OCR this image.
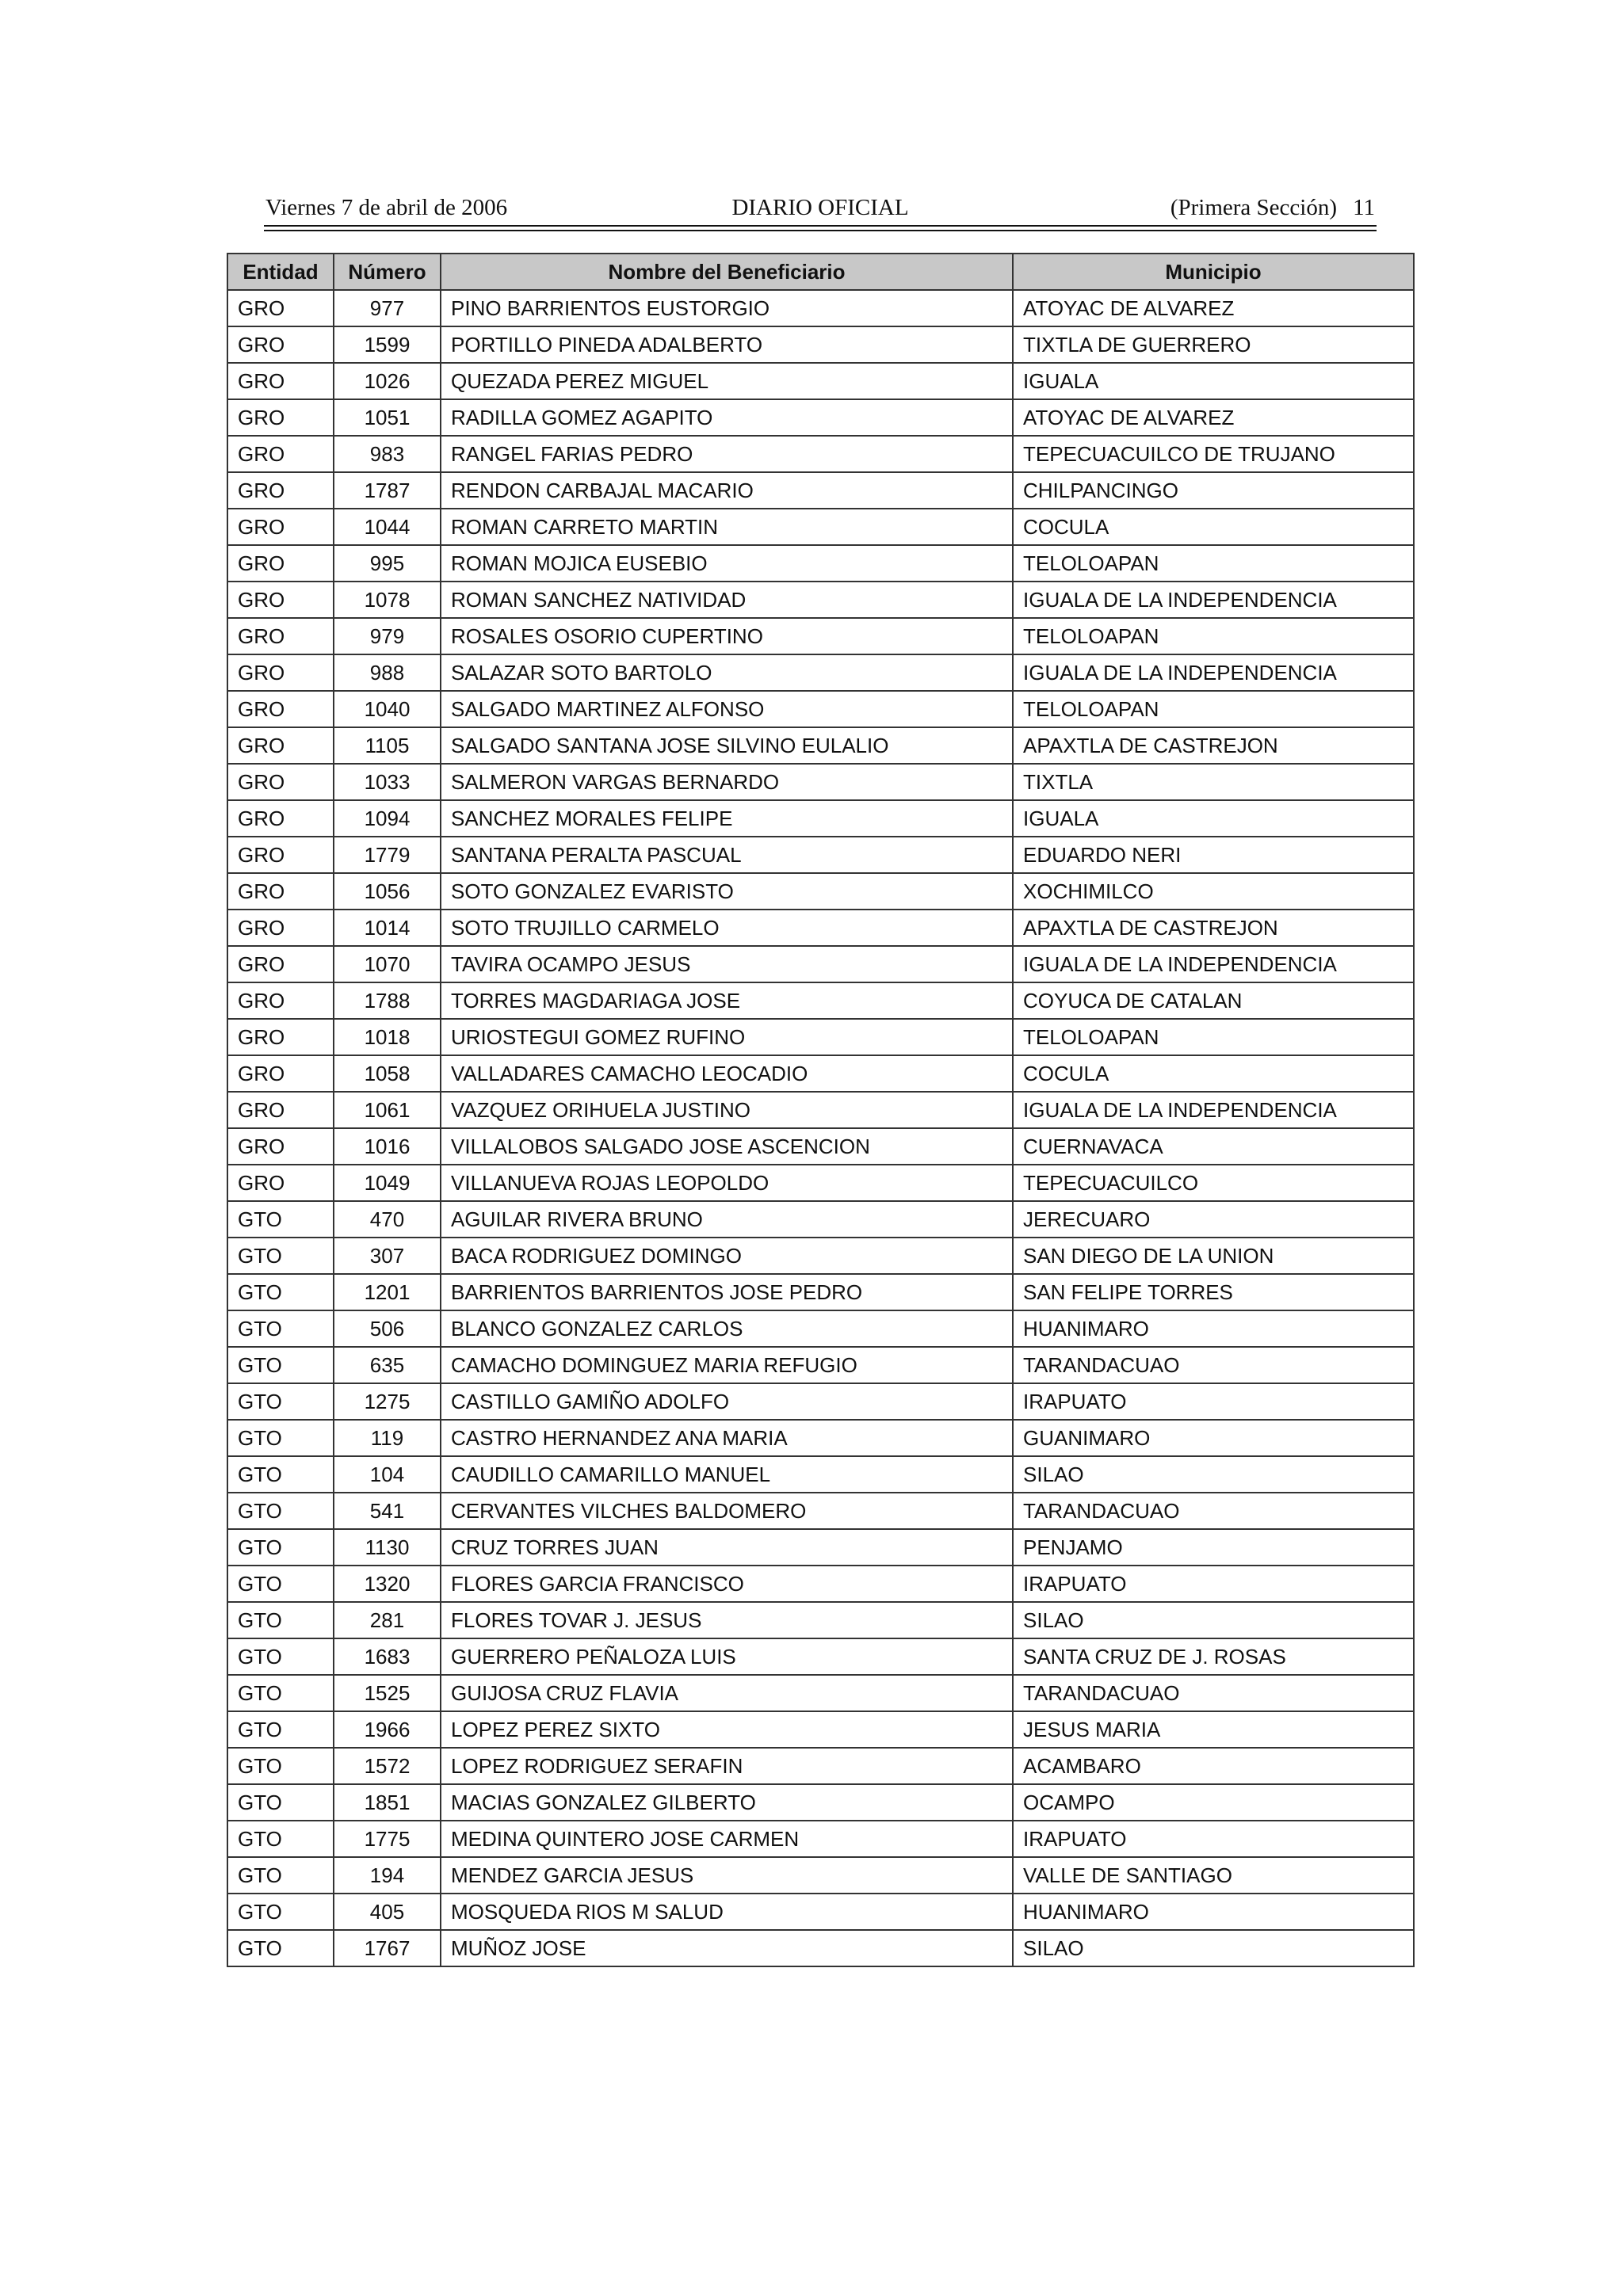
Viernes 7 de abril de 2006	DIARIO OFICIAL	(Primera Sección) 11
Entidad	Número	Nombre del Beneficiario	Municipio
GRO	977	PINO BARRIENTOS EUSTORGIO	ATOYAC DE ALVAREZ
GRO	1599	PORTILLO PINEDA ADALBERTO	TIXTLA DE GUERRERO
GRO	1026	QUEZADA PEREZ MIGUEL	IGUALA
GRO	1051	RADILLA GOMEZ AGAPITO	ATOYAC DE ALVAREZ
GRO	983	RANGEL FARIAS PEDRO	TEPECUACUILCO DE TRUJANO
GRO	1787	RENDON CARBAJAL MACARIO	CHILPANCINGO
GRO	1044	ROMAN CARRETO MARTIN	COCULA
GRO	995	ROMAN MOJICA EUSEBIO	TELOLOAPAN
GRO	1078	ROMAN SANCHEZ NATIVIDAD	IGUALA DE LA INDEPENDENCIA
GRO	979	ROSALES OSORIO CUPERTINO	TELOLOAPAN
GRO	988	SALAZAR SOTO BARTOLO	IGUALA DE LA INDEPENDENCIA
GRO	1040	SALGADO MARTINEZ ALFONSO	TELOLOAPAN
GRO	1105	SALGADO SANTANA JOSE SILVINO EULALIO	APAXTLA DE CASTREJON
GRO	1033	SALMERON VARGAS BERNARDO	TIXTLA
GRO	1094	SANCHEZ MORALES FELIPE	IGUALA
GRO	1779	SANTANA PERALTA PASCUAL	EDUARDO NERI
GRO	1056	SOTO GONZALEZ EVARISTO	XOCHIMILCO
GRO	1014	SOTO TRUJILLO CARMELO	APAXTLA DE CASTREJON
GRO	1070	TAVIRA OCAMPO JESUS	IGUALA DE LA INDEPENDENCIA
GRO	1788	TORRES MAGDARIAGA JOSE	COYUCA DE CATALAN
GRO	1018	URIOSTEGUI GOMEZ RUFINO	TELOLOAPAN
GRO	1058	VALLADARES CAMACHO LEOCADIO	COCULA
GRO	1061	VAZQUEZ ORIHUELA JUSTINO	IGUALA DE LA INDEPENDENCIA
GRO	1016	VILLALOBOS SALGADO JOSE ASCENCION	CUERNAVACA
GRO	1049	VILLANUEVA ROJAS LEOPOLDO	TEPECUACUILCO
GTO	470	AGUILAR RIVERA BRUNO	JERECUARO
GTO	307	BACA RODRIGUEZ DOMINGO	SAN DIEGO DE LA UNION
GTO	1201	BARRIENTOS BARRIENTOS JOSE PEDRO	SAN FELIPE TORRES
GTO	506	BLANCO GONZALEZ CARLOS	HUANIMARO
GTO	635	CAMACHO DOMINGUEZ MARIA REFUGIO	TARANDACUAO
GTO	1275	CASTILLO GAMIÑO ADOLFO	IRAPUATO
GTO	119	CASTRO HERNANDEZ ANA MARIA	GUANIMARO
GTO	104	CAUDILLO CAMARILLO MANUEL	SILAO
GTO	541	CERVANTES VILCHES BALDOMERO	TARANDACUAO
GTO	1130	CRUZ TORRES JUAN	PENJAMO
GTO	1320	FLORES GARCIA FRANCISCO	IRAPUATO
GTO	281	FLORES TOVAR J. JESUS	SILAO
GTO	1683	GUERRERO PEÑALOZA LUIS	SANTA CRUZ DE J. ROSAS
GTO	1525	GUIJOSA CRUZ FLAVIA	TARANDACUAO
GTO	1966	LOPEZ PEREZ SIXTO	JESUS MARIA
GTO	1572	LOPEZ RODRIGUEZ SERAFIN	ACAMBARO
GTO	1851	MACIAS GONZALEZ GILBERTO	OCAMPO
GTO	1775	MEDINA QUINTERO JOSE CARMEN	IRAPUATO
GTO	194	MENDEZ GARCIA JESUS	VALLE DE SANTIAGO
GTO	405	MOSQUEDA RIOS M SALUD	HUANIMARO
GTO	1767	MUÑOZ JOSE	SILAO
